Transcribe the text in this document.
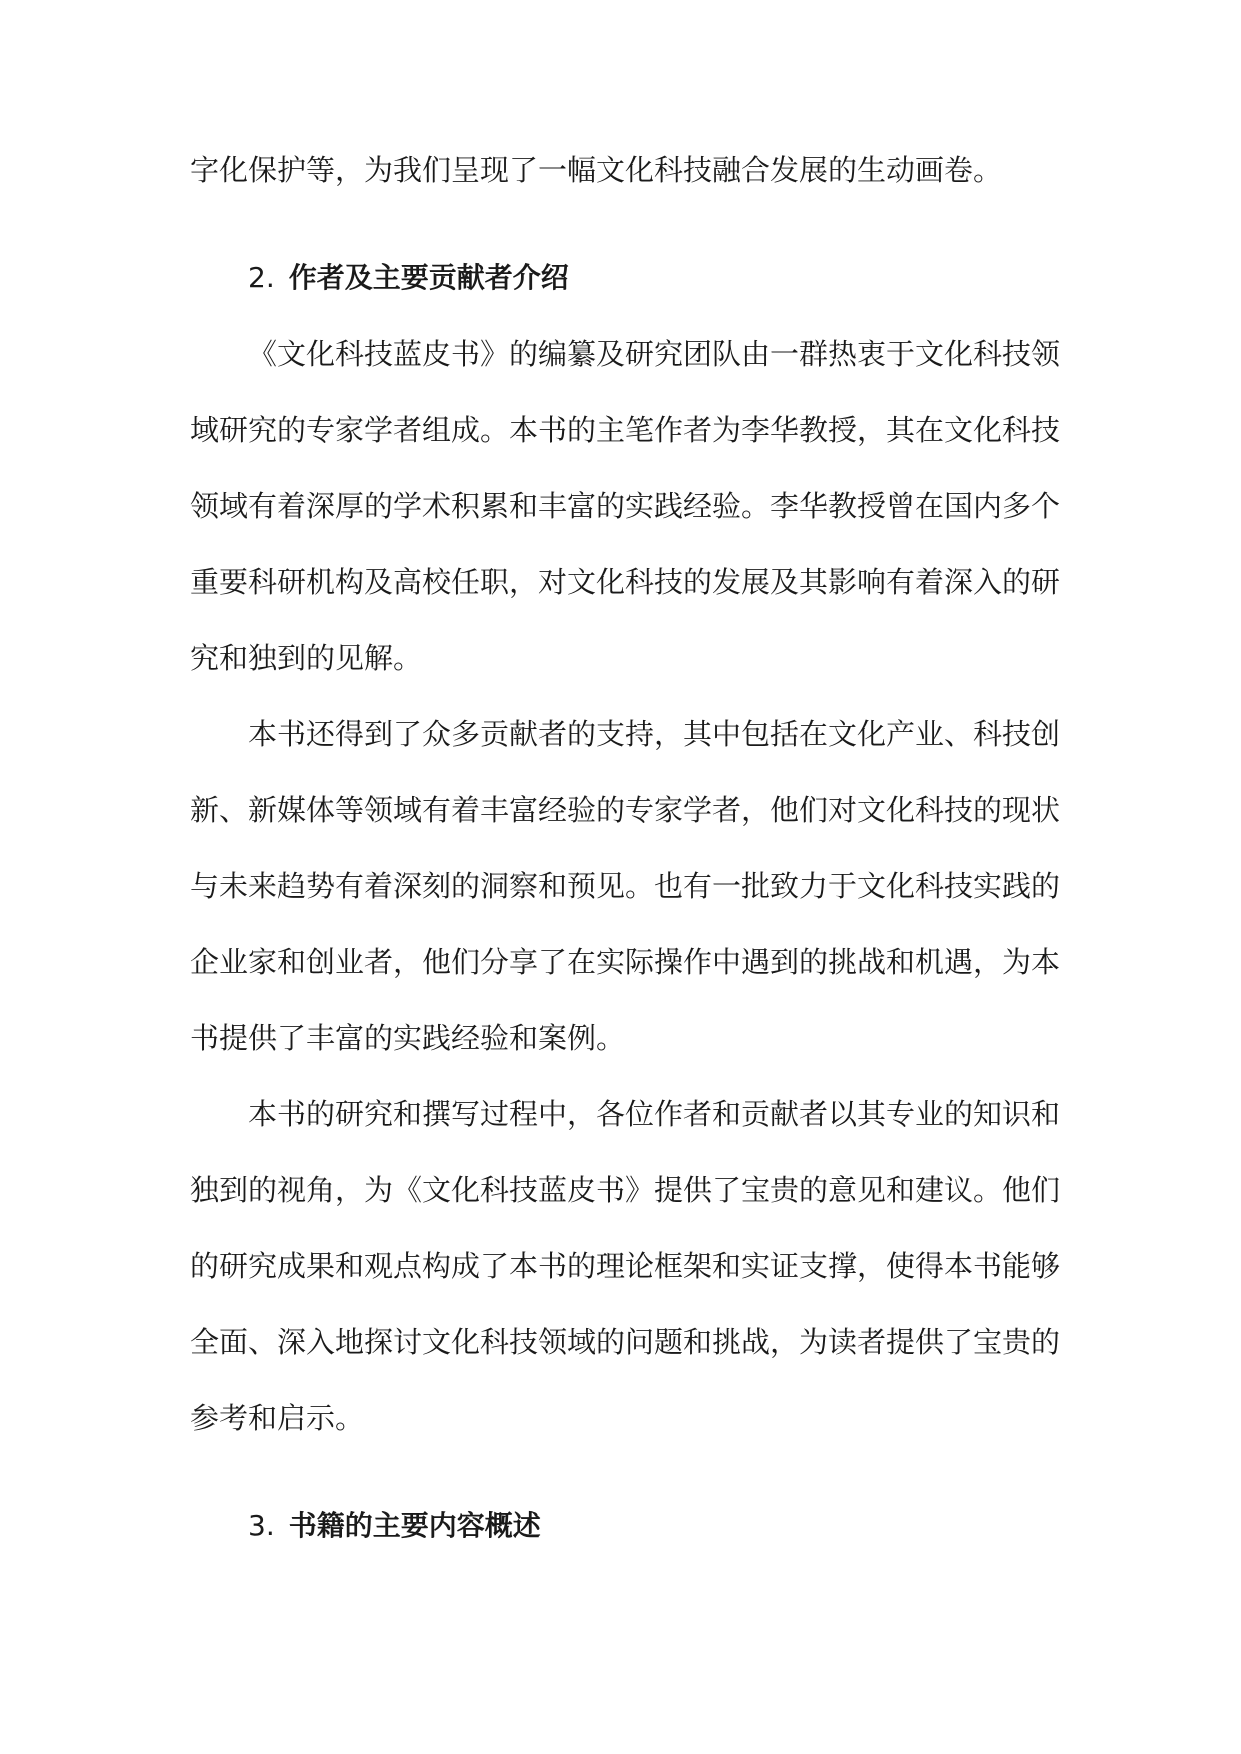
字化保护等，为我们呈现了一幅文化科技融合发展的生动画卷。
2. 作者及主要贡献者介绍
《文化科技蓝皮书》的编纂及研究团队由一群热衷于文化科技领
域研究的专家学者组成。本书的主笔作者为李华教授，其在文化科技
领域有着深厚的学术积累和丰富的实践经验。李华教授曾在国内多个
重要科研机构及高校任职，对文化科技的发展及其影响有着深入的研
究和独到的见解。
本书还得到了众多贡献者的支持，其中包括在文化产业、科技创
新、新媒体等领域有着丰富经验的专家学者，他们对文化科技的现状
与未来趋势有着深刻的洞察和预见。也有一批致力于文化科技实践的
企业家和创业者，他们分享了在实际操作中遇到的挑战和机遇，为本
书提供了丰富的实践经验和案例。
本书的研究和撰写过程中，各位作者和贡献者以其专业的知识和
独到的视角，为《文化科技蓝皮书》提供了宝贵的意见和建议。他们
的研究成果和观点构成了本书的理论框架和实证支撑，使得本书能够
全面、深入地探讨文化科技领域的问题和挑战，为读者提供了宝贵的
参考和启示。
3. 书籍的主要内容概述
